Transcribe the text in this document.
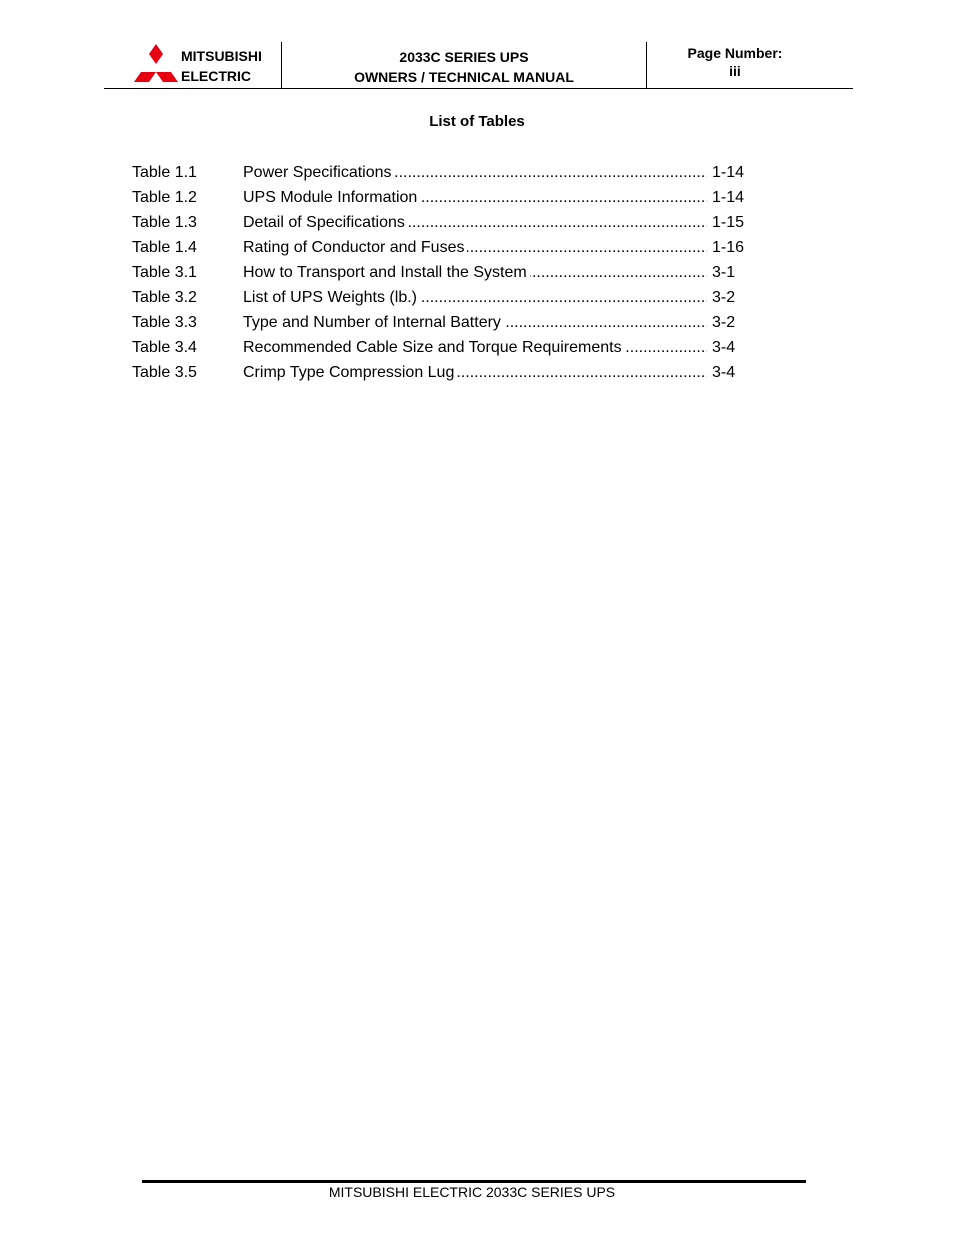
MITSUBISHI
ELECTRIC
2033C SERIES UPS
OWNERS / TECHNICAL MANUAL
Page Number:
iii
List of Tables
Table 1.1	Power Specifications .....	1-14
Table 1.2	UPS Module Information .....	1-14
Table 1.3	Detail of Specifications .....	1-15
Table 1.4	Rating of Conductor and Fuses .....	1-16
Table 3.1	How to Transport and Install the System .....	3-1
Table 3.2	List of UPS Weights (lb.) .....	3-2
Table 3.3	Type and Number of Internal Battery .....	3-2
Table 3.4	Recommended Cable Size and Torque Requirements .....	3-4
Table 3.5	Crimp Type Compression Lug .....	3-4
MITSUBISHI ELECTRIC 2033C SERIES UPS
